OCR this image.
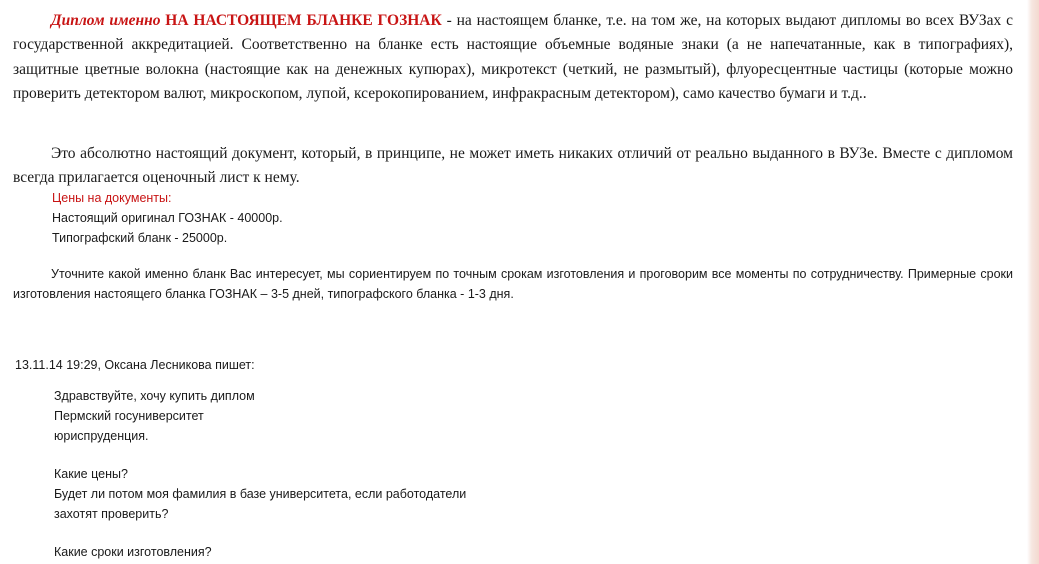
Диплом именно НА НАСТОЯЩЕМ БЛАНКЕ ГОЗНАК - на настоящем бланке, т.е. на том же, на которых выдают дипломы во всех ВУЗах с государственной аккредитацией. Соответственно на бланке есть настоящие объемные водяные знаки (а не напечатанные, как в типографиях), защитные цветные волокна (настоящие как на денежных купюрах), микротекст (четкий, не размытый), флуоресцентные частицы (которые можно проверить детектором валют, микроскопом, лупой, ксерокопированием, инфракрасным детектором), само качество бумаги и т.д..

Это абсолютно настоящий документ, который, в принципе, не может иметь никаких отличий от реально выданного в ВУЗе. Вместе с дипломом всегда прилагается оценочный лист к нему.

Цены на документы:
Настоящий оригинал ГОЗНАК - 40000р.
Типографский бланк - 25000р.

Уточните какой именно бланк Вас интересует, мы сориентируем по точным срокам изготовления и проговорим все моменты по сотрудничеству. Примерные сроки изготовления настоящего бланка ГОЗНАК – 3-5 дней, типографского бланка - 1-3 дня.

13.11.14 19:29, Оксана Лесникова пишет:

Здравствуйте, хочу купить диплом
Пермский госуниверситет
юриспруденция.
Какие цены?
Будет ли потом моя фамилия в базе университета, если работодатели
захотят проверить?
Какие сроки изготовления?
